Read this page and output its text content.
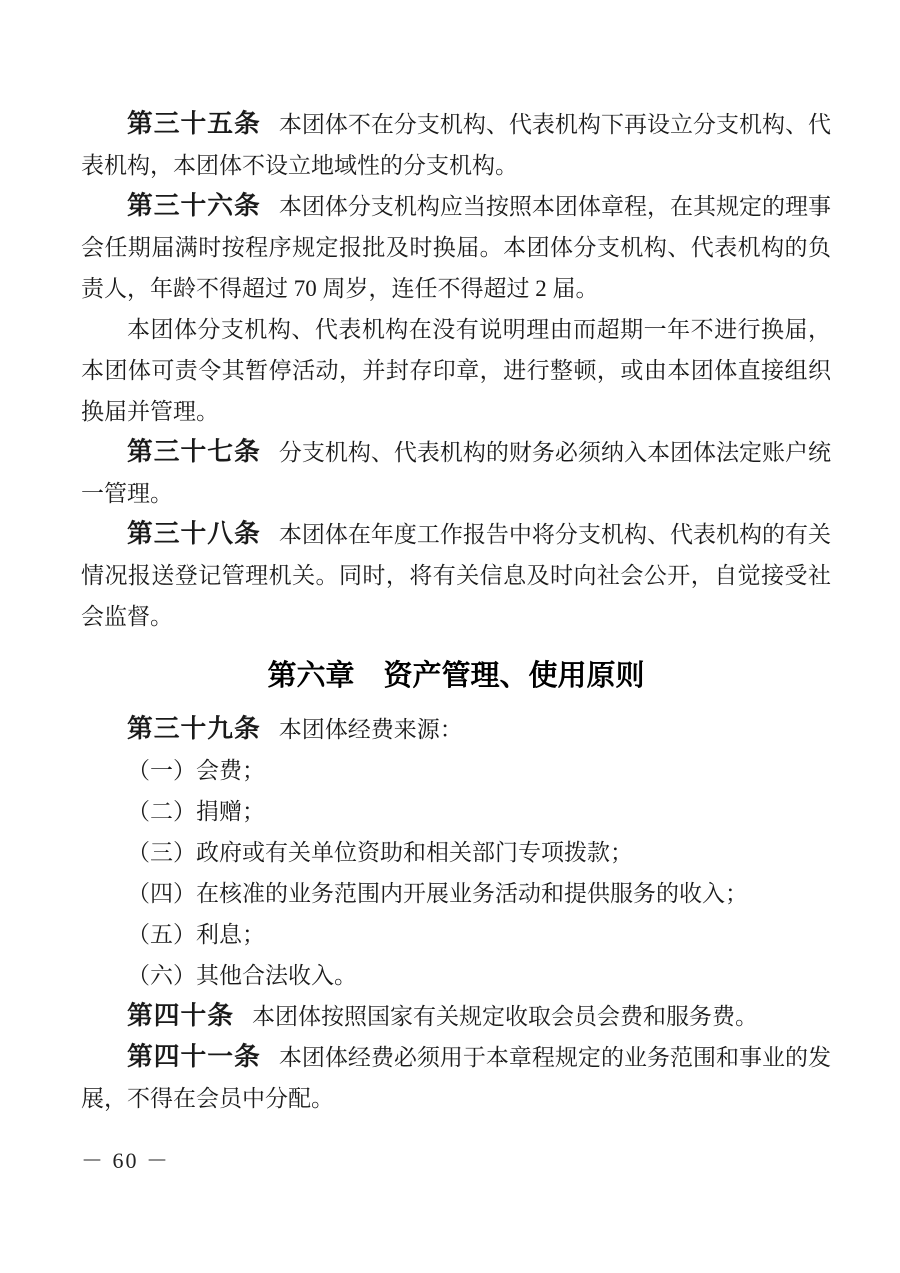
第三十五条 本团体不在分支机构、代表机构下再设立分支机构、代表机构，本团体不设立地域性的分支机构。

第三十六条 本团体分支机构应当按照本团体章程，在其规定的理事会任期届满时按程序规定报批及时换届。本团体分支机构、代表机构的负责人，年龄不得超过 70 周岁，连任不得超过 2 届。

本团体分支机构、代表机构在没有说明理由而超期一年不进行换届，本团体可责令其暂停活动，并封存印章，进行整顿，或由本团体直接组织换届并管理。

第三十七条 分支机构、代表机构的财务必须纳入本团体法定账户统一管理。

第三十八条 本团体在年度工作报告中将分支机构、代表机构的有关情况报送登记管理机关。同时，将有关信息及时向社会公开，自觉接受社会监督。

第六章　资产管理、使用原则

第三十九条 本团体经费来源：

（一）会费；

（二）捐赠；

（三）政府或有关单位资助和相关部门专项拨款；

（四）在核准的业务范围内开展业务活动和提供服务的收入；

（五）利息；

（六）其他合法收入。

第四十条 本团体按照国家有关规定收取会员会费和服务费。

第四十一条 本团体经费必须用于本章程规定的业务范围和事业的发展，不得在会员中分配。

－ 60 －
